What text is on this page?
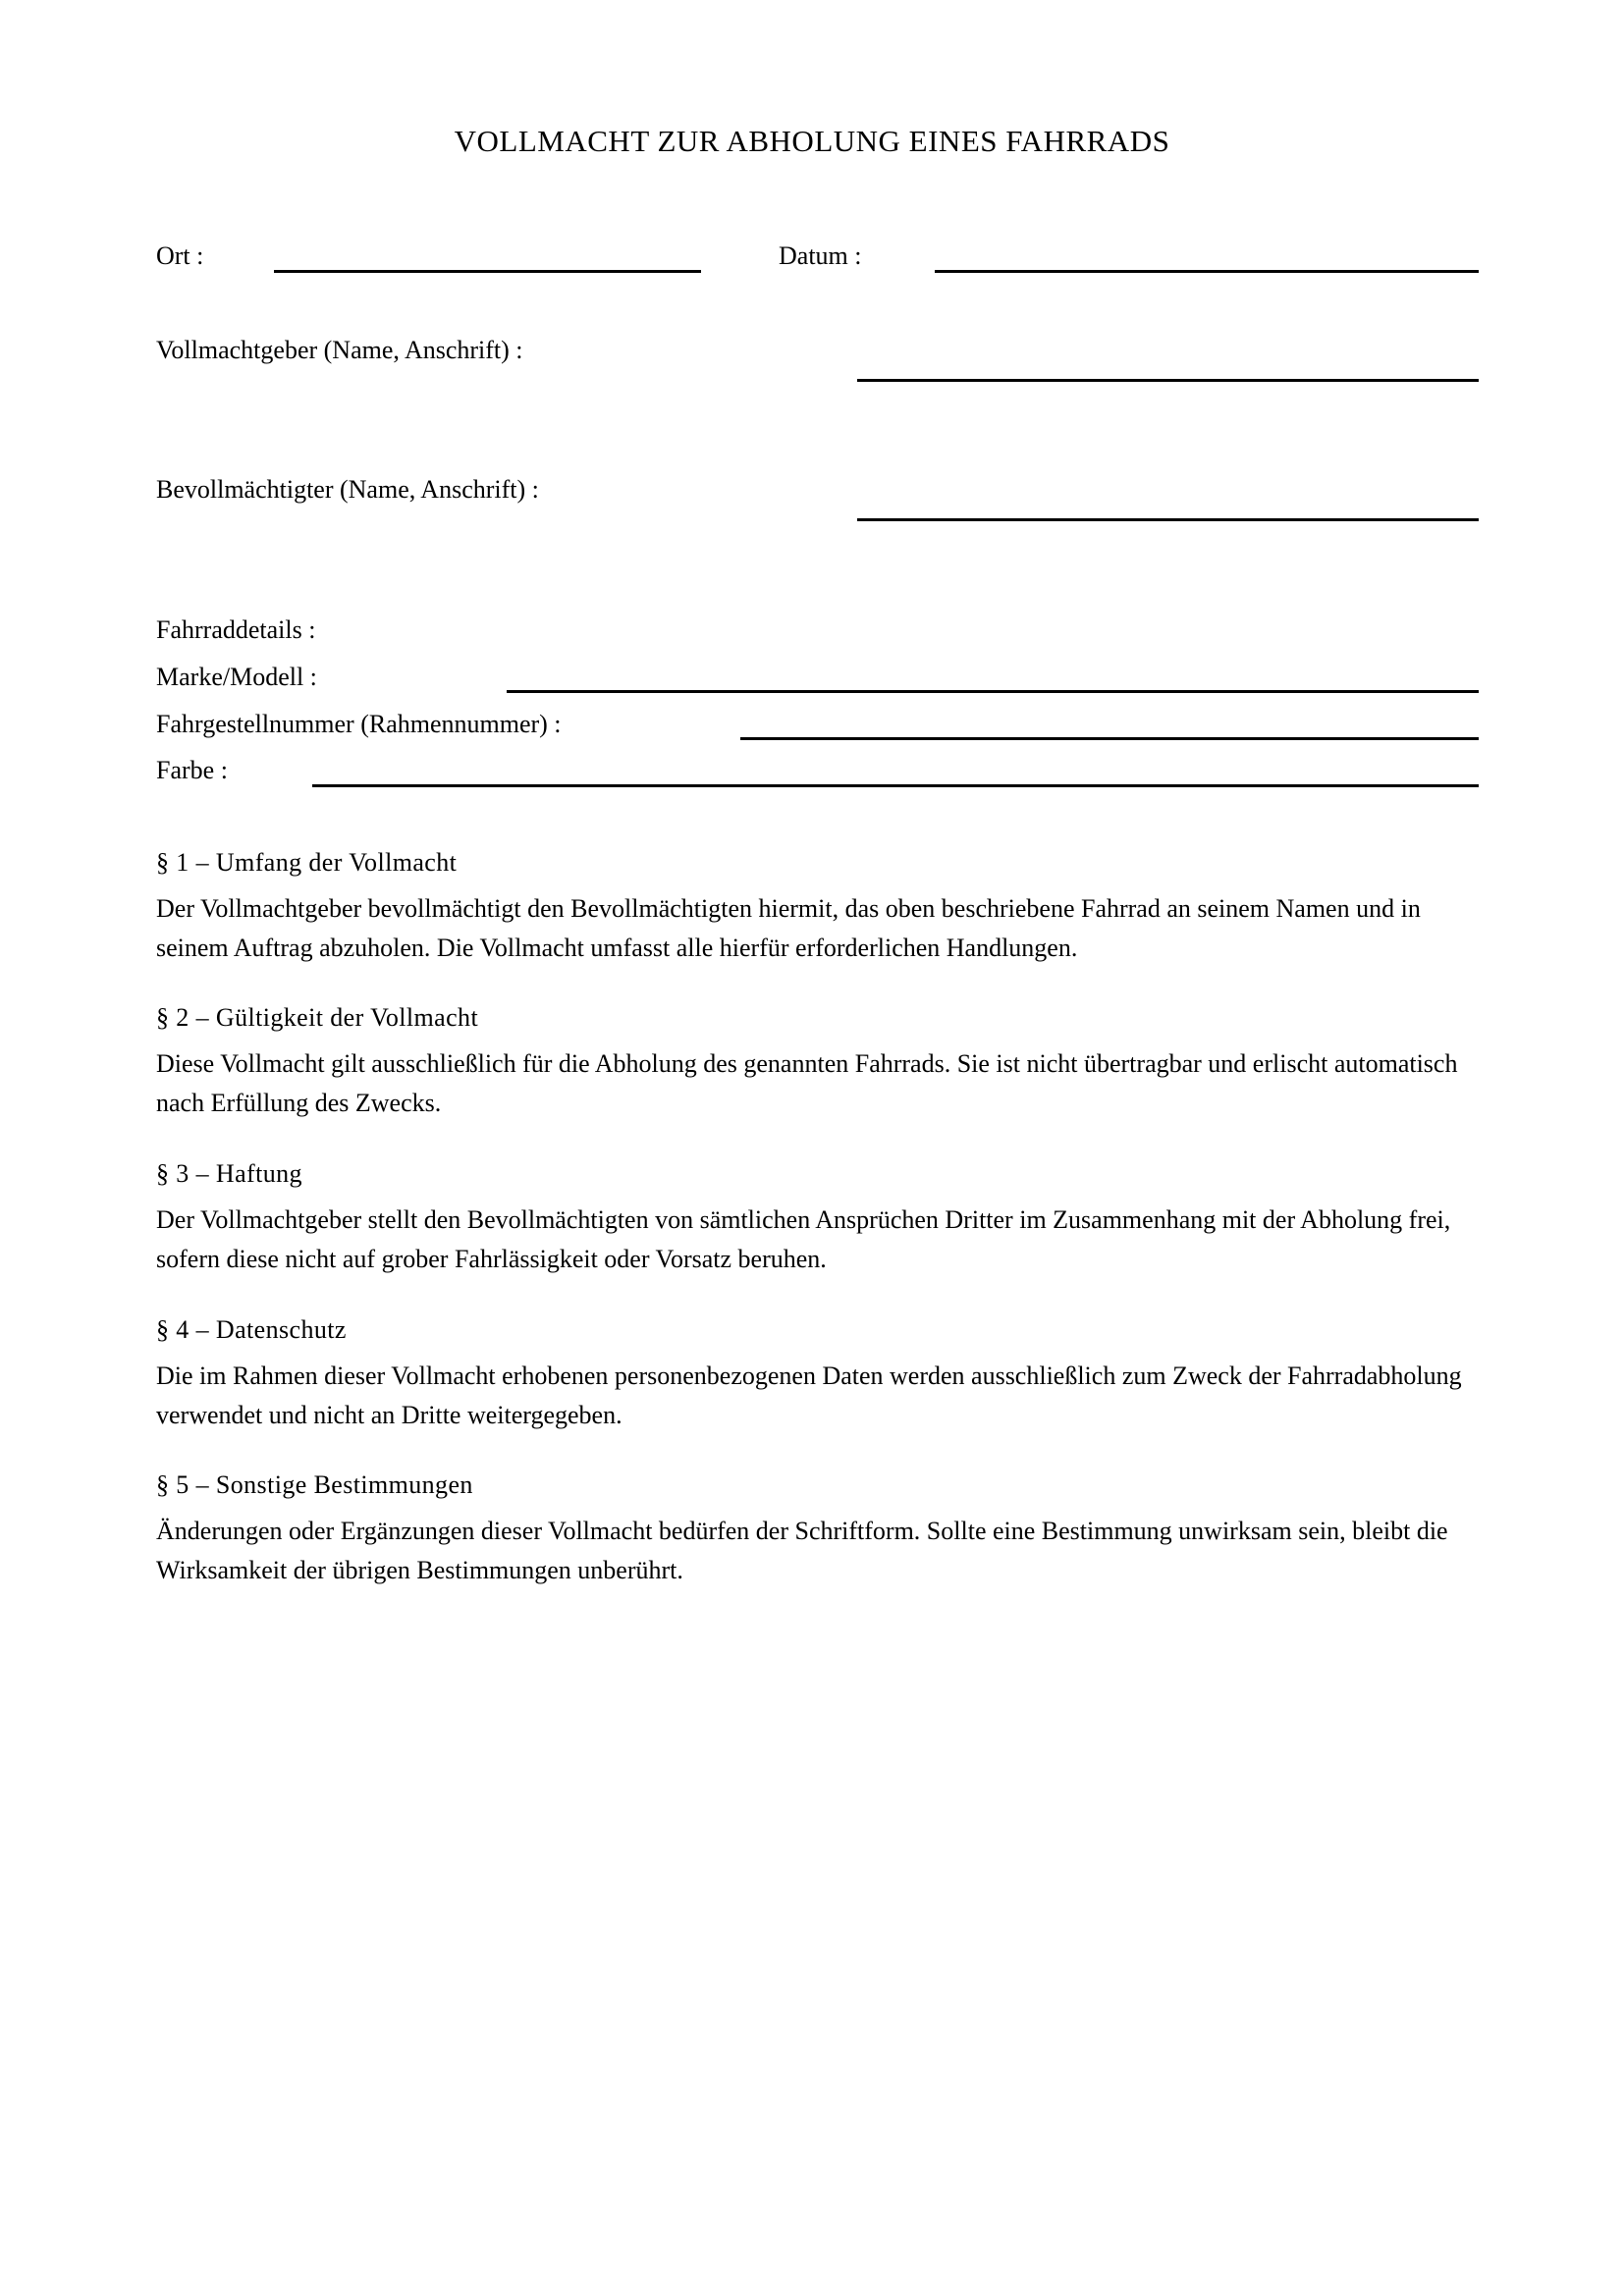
VOLLMACHT ZUR ABHOLUNG EINES FAHRRADS
Ort :	Datum :
Vollmachtgeber (Name, Anschrift) :
Bevollmächtigter (Name, Anschrift) :
Fahrraddetails :
Marke/Modell :
Fahrgestellnummer (Rahmennummer) :
Farbe :
§ 1 – Umfang der Vollmacht

Der Vollmachtgeber bevollmächtigt den Bevollmächtigten hiermit, das oben beschriebene Fahrrad an seinem Namen und in seinem Auftrag abzuholen. Die Vollmacht umfasst alle hierfür erforderlichen Handlungen.

§ 2 – Gültigkeit der Vollmacht

Diese Vollmacht gilt ausschließlich für die Abholung des genannten Fahrrads. Sie ist nicht übertragbar und erlischt automatisch nach Erfüllung des Zwecks.

§ 3 – Haftung

Der Vollmachtgeber stellt den Bevollmächtigten von sämtlichen Ansprüchen Dritter im Zusammenhang mit der Abholung frei, sofern diese nicht auf grober Fahrlässigkeit oder Vorsatz beruhen.

§ 4 – Datenschutz

Die im Rahmen dieser Vollmacht erhobenen personenbezogenen Daten werden ausschließlich zum Zweck der Fahrradabholung verwendet und nicht an Dritte weitergegeben.

§ 5 – Sonstige Bestimmungen

Änderungen oder Ergänzungen dieser Vollmacht bedürfen der Schriftform. Sollte eine Bestimmung unwirksam sein, bleibt die Wirksamkeit der übrigen Bestimmungen unberührt.
